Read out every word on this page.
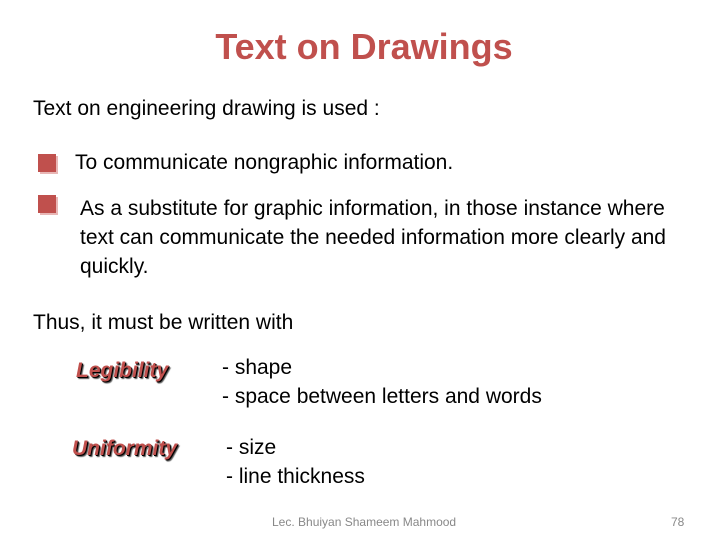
Text on Drawings
Text on engineering drawing is used :
To communicate nongraphic information.
As a substitute for graphic information, in those instance where text can communicate the needed information more clearly and quickly.
Thus, it must be written with
Legibility	- shape
- space between letters and words
Uniformity - size
- line thickness
Lec. Bhuiyan Shameem Mahmood	78
